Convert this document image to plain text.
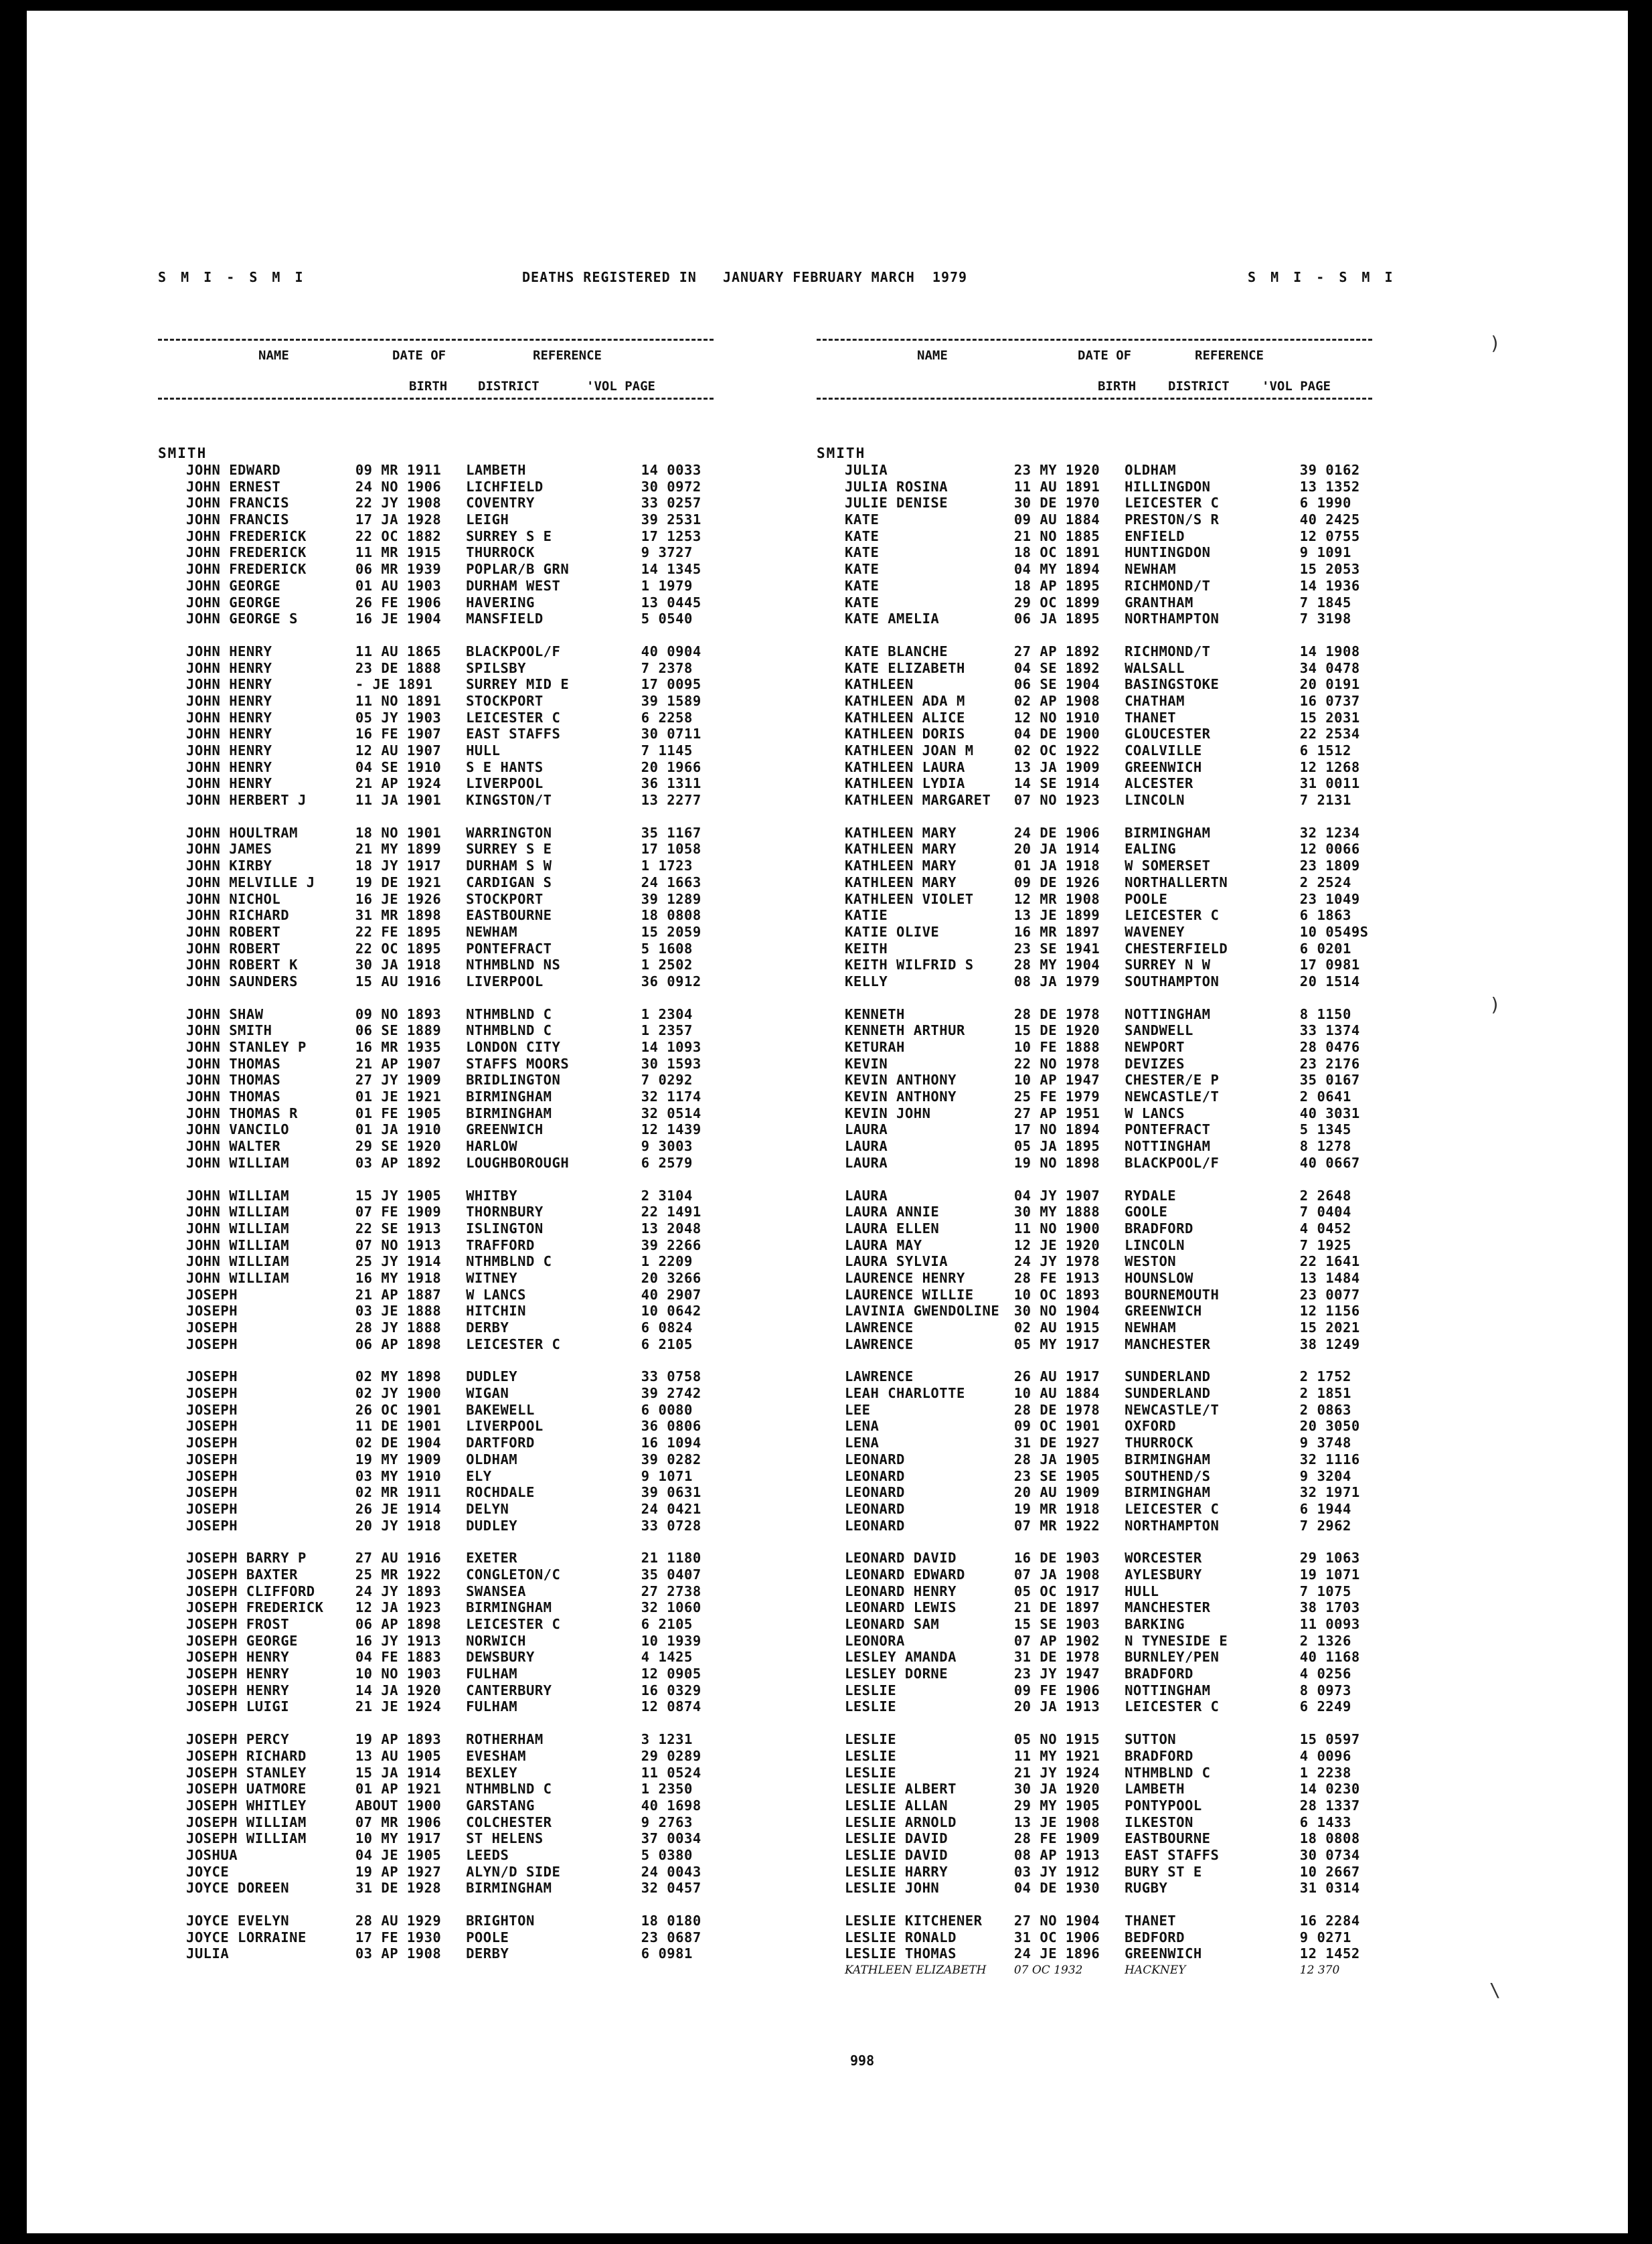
S M I - S M I	DEATHS REGISTERED IN   JANUARY FEBRUARY MARCH  1979	S M I - S M I
NAME	DATE OF	REFERENCE
BIRTH DISTRICT	'VOL PAGE
SMITH
JOHN EDWARD	09 MR 1911	LAMBETH	14 0033
JOHN ERNEST	24 NO 1906	LICHFIELD	30 0972
JOHN FRANCIS	22 JY 1908	COVENTRY	33 0257
JOHN FRANCIS	17 JA 1928	LEIGH	39 2531
JOHN FREDERICK	22 OC 1882	SURREY S E	17 1253
JOHN FREDERICK	11 MR 1915	THURROCK	9 3727
JOHN FREDERICK	06 MR 1939	POPLAR/B GRN	14 1345
JOHN GEORGE	01 AU 1903	DURHAM WEST	1 1979
JOHN GEORGE	26 FE 1906	HAVERING	13 0445
JOHN GEORGE S	16 JE 1904	MANSFIELD	5 0540
JOHN HENRY	11 AU 1865	BLACKPOOL/F	40 0904
JOHN HENRY	23 DE 1888	SPILSBY	7 2378
JOHN HENRY	- JE 1891	SURREY MID E	17 0095
JOHN HENRY	11 NO 1891	STOCKPORT	39 1589
JOHN HENRY	05 JY 1903	LEICESTER C	6 2258
JOHN HENRY	16 FE 1907	EAST STAFFS	30 0711
JOHN HENRY	12 AU 1907	HULL	7 1145
JOHN HENRY	04 SE 1910	S E HANTS	20 1966
JOHN HENRY	21 AP 1924	LIVERPOOL	36 1311
JOHN HERBERT J	11 JA 1901	KINGSTON/T	13 2277
JOHN HOULTRAM	18 NO 1901	WARRINGTON	35 1167
JOHN JAMES	21 MY 1899	SURREY S E	17 1058
JOHN KIRBY	18 JY 1917	DURHAM S W	1 1723
JOHN MELVILLE J	19 DE 1921	CARDIGAN S	24 1663
JOHN NICHOL	16 JE 1926	STOCKPORT	39 1289
JOHN RICHARD	31 MR 1898	EASTBOURNE	18 0808
JOHN ROBERT	22 FE 1895	NEWHAM	15 2059
JOHN ROBERT	22 OC 1895	PONTEFRACT	5 1608
JOHN ROBERT K	30 JA 1918	NTHMBLND NS	1 2502
JOHN SAUNDERS	15 AU 1916	LIVERPOOL	36 0912
JOHN SHAW	09 NO 1893	NTHMBLND C	1 2304
JOHN SMITH	06 SE 1889	NTHMBLND C	1 2357
JOHN STANLEY P	16 MR 1935	LONDON CITY	14 1093
JOHN THOMAS	21 AP 1907	STAFFS MOORS	30 1593
JOHN THOMAS	27 JY 1909	BRIDLINGTON	7 0292
JOHN THOMAS	01 JE 1921	BIRMINGHAM	32 1174
JOHN THOMAS R	01 FE 1905	BIRMINGHAM	32 0514
JOHN VANCILO	01 JA 1910	GREENWICH	12 1439
JOHN WALTER	29 SE 1920	HARLOW	9 3003
JOHN WILLIAM	03 AP 1892	LOUGHBOROUGH	6 2579
JOHN WILLIAM	15 JY 1905	WHITBY	2 3104
JOHN WILLIAM	07 FE 1909	THORNBURY	22 1491
JOHN WILLIAM	22 SE 1913	ISLINGTON	13 2048
JOHN WILLIAM	07 NO 1913	TRAFFORD	39 2266
JOHN WILLIAM	25 JY 1914	NTHMBLND C	1 2209
JOHN WILLIAM	16 MY 1918	WITNEY	20 3266
JOSEPH	21 AP 1887	W LANCS	40 2907
JOSEPH	03 JE 1888	HITCHIN	10 0642
JOSEPH	28 JY 1888	DERBY	6 0824
JOSEPH	06 AP 1898	LEICESTER C	6 2105
JOSEPH	02 MY 1898	DUDLEY	33 0758
JOSEPH	02 JY 1900	WIGAN	39 2742
JOSEPH	26 OC 1901	BAKEWELL	6 0080
JOSEPH	11 DE 1901	LIVERPOOL	36 0806
JOSEPH	02 DE 1904	DARTFORD	16 1094
JOSEPH	19 MY 1909	OLDHAM	39 0282
JOSEPH	03 MY 1910	ELY	9 1071
JOSEPH	02 MR 1911	ROCHDALE	39 0631
JOSEPH	26 JE 1914	DELYN	24 0421
JOSEPH	20 JY 1918	DUDLEY	33 0728
JOSEPH BARRY P	27 AU 1916	EXETER	21 1180
JOSEPH BAXTER	25 MR 1922	CONGLETON/C	35 0407
JOSEPH CLIFFORD	24 JY 1893	SWANSEA	27 2738
JOSEPH FREDERICK	12 JA 1923	BIRMINGHAM	32 1060
JOSEPH FROST	06 AP 1898	LEICESTER C	6 2105
JOSEPH GEORGE	16 JY 1913	NORWICH	10 1939
JOSEPH HENRY	04 FE 1883	DEWSBURY	4 1425
JOSEPH HENRY	10 NO 1903	FULHAM	12 0905
JOSEPH HENRY	14 JA 1920	CANTERBURY	16 0329
JOSEPH LUIGI	21 JE 1924	FULHAM	12 0874
JOSEPH PERCY	19 AP 1893	ROTHERHAM	3 1231
JOSEPH RICHARD	13 AU 1905	EVESHAM	29 0289
JOSEPH STANLEY	15 JA 1914	BEXLEY	11 0524
JOSEPH UATMORE	01 AP 1921	NTHMBLND C	1 2350
JOSEPH WHITLEY	ABOUT 1900	GARSTANG	40 1698
JOSEPH WILLIAM	07 MR 1906	COLCHESTER	9 2763
JOSEPH WILLIAM	10 MY 1917	ST HELENS	37 0034
JOSHUA	04 JE 1905	LEEDS	5 0380
JOYCE	19 AP 1927	ALYN/D SIDE	24 0043
JOYCE DOREEN	31 DE 1928	BIRMINGHAM	32 0457
JOYCE EVELYN	28 AU 1929	BRIGHTON	18 0180
JOYCE LORRAINE	17 FE 1930	POOLE	23 0687
JULIA	03 AP 1908	DERBY	6 0981
NAME	DATE OF	REFERENCE
BIRTH	DISTRICT	'VOL PAGE
SMITH
JULIA	23 MY 1920	OLDHAM	39 0162
JULIA ROSINA	11 AU 1891	HILLINGDON	13 1352
JULIE DENISE	30 DE 1970	LEICESTER C	6 1990
KATE	09 AU 1884	PRESTON/S R	40 2425
KATE	21 NO 1885	ENFIELD	12 0755
KATE	18 OC 1891	HUNTINGDON	9 1091
KATE	04 MY 1894	NEWHAM	15 2053
KATE	18 AP 1895	RICHMOND/T	14 1936
KATE	29 OC 1899	GRANTHAM	7 1845
KATE AMELIA	06 JA 1895	NORTHAMPTON	7 3198
KATE BLANCHE	27 AP 1892	RICHMOND/T	14 1908
KATE ELIZABETH	04 SE 1892	WALSALL	34 0478
KATHLEEN	06 SE 1904	BASINGSTOKE	20 0191
KATHLEEN ADA M	02 AP 1908	CHATHAM	16 0737
KATHLEEN ALICE	12 NO 1910	THANET	15 2031
KATHLEEN DORIS	04 DE 1900	GLOUCESTER	22 2534
KATHLEEN JOAN M	02 OC 1922	COALVILLE	6 1512
KATHLEEN LAURA	13 JA 1909	GREENWICH	12 1268
KATHLEEN LYDIA	14 SE 1914	ALCESTER	31 0011
KATHLEEN MARGARET	07 NO 1923	LINCOLN	7 2131
KATHLEEN MARY	24 DE 1906	BIRMINGHAM	32 1234
KATHLEEN MARY	20 JA 1914	EALING	12 0066
KATHLEEN MARY	01 JA 1918	W SOMERSET	23 1809
KATHLEEN MARY	09 DE 1926	NORTHALLERTN	2 2524
KATHLEEN VIOLET	12 MR 1908	POOLE	23 1049
KATIE	13 JE 1899	LEICESTER C	6 1863
KATIE OLIVE	16 MR 1897	WAVENEY	10 0549S
KEITH	23 SE 1941	CHESTERFIELD	6 0201
KEITH WILFRID S	28 MY 1904	SURREY N W	17 0981
KELLY	08 JA 1979	SOUTHAMPTON	20 1514
KENNETH	28 DE 1978	NOTTINGHAM	8 1150
KENNETH ARTHUR	15 DE 1920	SANDWELL	33 1374
KETURAH	10 FE 1888	NEWPORT	28 0476
KEVIN	22 NO 1978	DEVIZES	23 2176
KEVIN ANTHONY	10 AP 1947	CHESTER/E P	35 0167
KEVIN ANTHONY	25 FE 1979	NEWCASTLE/T	2 0641
KEVIN JOHN	27 AP 1951	W LANCS	40 3031
LAURA	17 NO 1894	PONTEFRACT	5 1345
LAURA	05 JA 1895	NOTTINGHAM	8 1278
LAURA	19 NO 1898	BLACKPOOL/F	40 0667
LAURA	04 JY 1907	RYDALE	2 2648
LAURA ANNIE	30 MY 1888	GOOLE	7 0404
LAURA ELLEN	11 NO 1900	BRADFORD	4 0452
LAURA MAY	12 JE 1920	LINCOLN	7 1925
LAURA SYLVIA	24 JY 1978	WESTON	22 1641
LAURENCE HENRY	28 FE 1913	HOUNSLOW	13 1484
LAURENCE WILLIE	10 OC 1893	BOURNEMOUTH	23 0077
LAVINIA GWENDOLINE	30 NO 1904	GREENWICH	12 1156
LAWRENCE	02 AU 1915	NEWHAM	15 2021
LAWRENCE	05 MY 1917	MANCHESTER	38 1249
LAWRENCE	26 AU 1917	SUNDERLAND	2 1752
LEAH CHARLOTTE	10 AU 1884	SUNDERLAND	2 1851
LEE	28 DE 1978	NEWCASTLE/T	2 0863
LENA	09 OC 1901	OXFORD	20 3050
LENA	31 DE 1927	THURROCK	9 3748
LEONARD	28 JA 1905	BIRMINGHAM	32 1116
LEONARD	23 SE 1905	SOUTHEND/S	9 3204
LEONARD	20 AU 1909	BIRMINGHAM	32 1971
LEONARD	19 MR 1918	LEICESTER C	6 1944
LEONARD	07 MR 1922	NORTHAMPTON	7 2962
LEONARD DAVID	16 DE 1903	WORCESTER	29 1063
LEONARD EDWARD	07 JA 1908	AYLESBURY	19 1071
LEONARD HENRY	05 OC 1917	HULL	7 1075
LEONARD LEWIS	21 DE 1897	MANCHESTER	38 1703
LEONARD SAM	15 SE 1903	BARKING	11 0093
LEONORA	07 AP 1902	N TYNESIDE E	2 1326
LESLEY AMANDA	31 DE 1978	BURNLEY/PEN	40 1168
LESLEY DORNE	23 JY 1947	BRADFORD	4 0256
LESLIE	09 FE 1906	NOTTINGHAM	8 0973
LESLIE	20 JA 1913	LEICESTER C	6 2249
LESLIE	05 NO 1915	SUTTON	15 0597
LESLIE	11 MY 1921	BRADFORD	4 0096
LESLIE	21 JY 1924	NTHMBLND C	1 2238
LESLIE ALBERT	30 JA 1920	LAMBETH	14 0230
LESLIE ALLAN	29 MY 1905	PONTYPOOL	28 1337
LESLIE ARNOLD	13 JE 1908	ILKESTON	6 1433
LESLIE DAVID	28 FE 1909	EASTBOURNE	18 0808
LESLIE DAVID	08 AP 1913	EAST STAFFS	30 0734
LESLIE HARRY	03 JY 1912	BURY ST E	10 2667
LESLIE JOHN	04 DE 1930	RUGBY	31 0314
LESLIE KITCHENER	27 NO 1904	THANET	16 2284
LESLIE RONALD	31 OC 1906	BEDFORD	9 0271
LESLIE THOMAS	24 JE 1896	GREENWICH	12 1452
KATHLEEN ELIZABETH	07 OC 1932	HACKNEY	12 370
998
)
)
\
